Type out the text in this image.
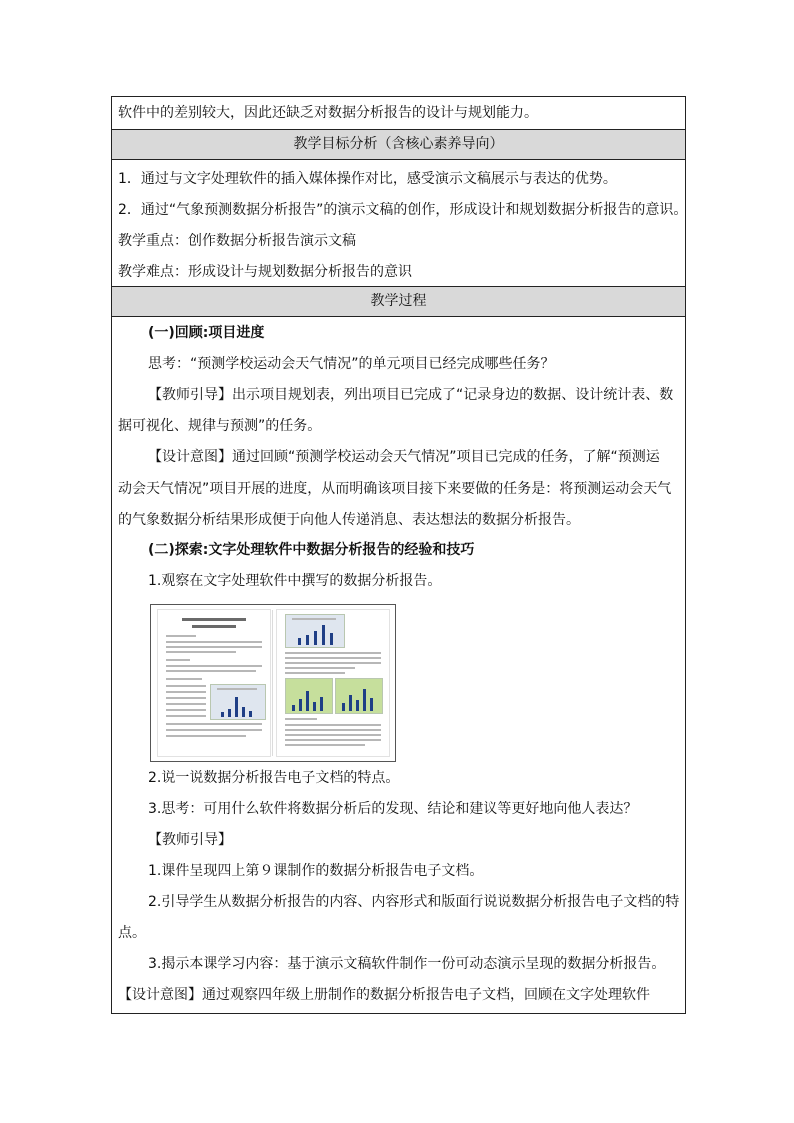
软件中的差别较大，因此还缺乏对数据分析报告的设计与规划能力。
教学目标分析（含核心素养导向）
1．通过与文字处理软件的插入媒体操作对比，感受演示文稿展示与表达的优势。
2．通过“气象预测数据分析报告”的演示文稿的创作，形成设计和规划数据分析报告的意识。
教学重点：创作数据分析报告演示文稿
教学难点：形成设计与规划数据分析报告的意识
教学过程
(一)回顾:项目进度
思考：“预测学校运动会天气情况”的单元项目已经完成哪些任务？
【教师引导】出示项目规划表，列出项目已完成了“记录身边的数据、设计统计表、数
据可视化、规律与预测”的任务。
【设计意图】通过回顾“预测学校运动会天气情况”项目已完成的任务，了解“预测运
动会天气情况”项目开展的进度，从而明确该项目接下来要做的任务是：将预测运动会天气
的气象数据分析结果形成便于向他人传递消息、表达想法的数据分析报告。
(二)探索:文字处理软件中数据分析报告的经验和技巧
1.观察在文字处理软件中撰写的数据分析报告。
2.说一说数据分析报告电子文档的特点。
3.思考：可用什么软件将数据分析后的发现、结论和建议等更好地向他人表达？
【教师引导】
1.课件呈现四上第９课制作的数据分析报告电子文档。
2.引导学生从数据分析报告的内容、内容形式和版面行说说数据分析报告电子文档的特
点。
3.揭示本课学习内容：基于演示文稿软件制作一份可动态演示呈现的数据分析报告。
【设计意图】通过观察四年级上册制作的数据分析报告电子文档，回顾在文字处理软件
